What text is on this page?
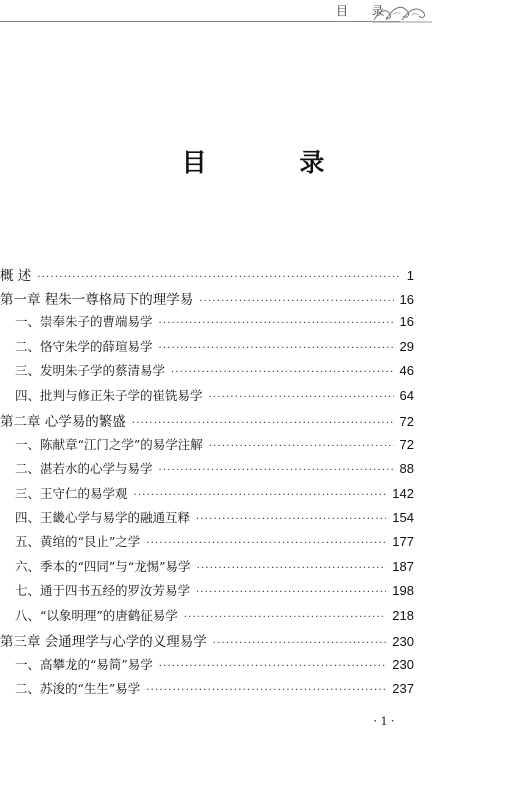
目 录
目 录
概 述 ·····	1
第一章 程朱一尊格局下的理学易 ·····	16
一、崇奉朱子的曹端易学 ·····	16
二、恪守朱学的薛瑄易学 ·····	29
三、发明朱子学的蔡清易学 ·····	46
四、批判与修正朱子学的崔铣易学 ·····	64
第二章 心学易的繁盛 ·····	72
一、陈献章“江门之学”的易学注解 ·····	72
二、湛若水的心学与易学 ·····	88
三、王守仁的易学观 ·····	142
四、王畿心学与易学的融通互释 ·····	154
五、黄绾的“艮止”之学 ·····	177
六、季本的“四同”与“龙惕”易学 ·····	187
七、通于四书五经的罗汝芳易学 ·····	198
八、“以象明理”的唐鹤征易学 ·····	218
第三章 会通理学与心学的义理易学 ·····	230
一、高攀龙的“易简”易学 ·····	230
二、苏浚的“生生”易学 ·····	237
· 1 ·
